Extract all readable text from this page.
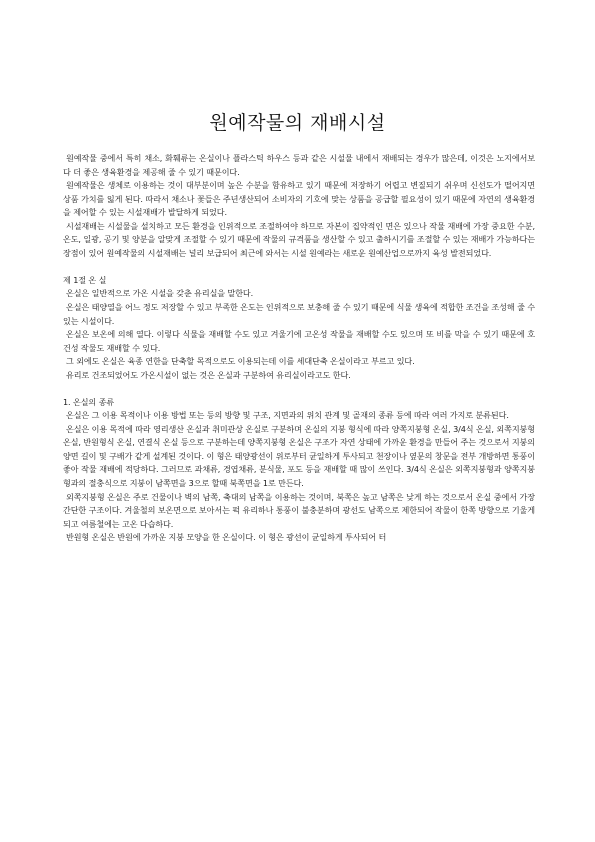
원예작물의 재배시설

원예작물 중에서 특히 채소, 화훼류는 온실이나 플라스틱 하우스 등과 같은 시설물 내에서 재배되는 경우가 많은데, 이것은 노지에서보다 더 좋은 생육환경을 제공해 줄 수 있기 때문이다.

원예작물은 생체로 이용하는 것이 대부분이며 높은 수분을 함유하고 있기 때문에 저장하기 어렵고 변질되기 쉬우며 신선도가 떨어지면 상품 가치를 잃게 된다. 따라서 채소나 꽃들은 주년생산되어 소비자의 기호에 맞는 상품을 공급할 필요성이 있기 때문에 자연의 생육환경을 제어할 수 있는 시설재배가 발달하게 되었다.

시설재배는 시설물을 설치하고 모든 환경을 인위적으로 조절하여야 하므로 자본이 집약적인 면은 있으나 작물 재배에 가장 중요한 수분, 온도, 일광, 공기 및 양분을 알맞게 조절할 수 있기 때문에 작물의 규격품을 생산할 수 있고 출하시기를 조절할 수 있는 재배가 가능하다는 장점이 있어 원예작물의 시설재배는 널리 보급되어 최근에 와서는 시설 원예라는 새로운 원예산업으로까지 육성 발전되었다.

제 1절 온 실

온실은 일반적으로 가온 시설을 갖춘 유리실을 말한다.

온실은 태양열을 어느 정도 저장할 수 있고 부족한 온도는 인위적으로 보충해 줄 수 있기 때문에 식물 생육에 적합한 조건을 조성해 줄 수 있는 시설이다.

온실은 보온에 의해 열다. 이렇다 식물을 재배할 수도 있고 겨울기에 고온성 작물을 재배할 수도 있으며 또 비를 막을 수 있기 때문에 호건성 작물도 재배할 수 있다.

그 외에도 온실은 육종 연한을 단축할 목적으로도 이용되는데 이를 세대단축 온실이라고 부르고 있다.

유리로 건조되었어도 가온시설이 없는 것은 온실과 구분하여 유리실이라고도 한다.

1. 온실의 종류

온실은 그 이용 목적이나 이용 방법 또는 등의 방향 및 구조, 지면과의 위치 관계 및 골재의 종류 등에 따라 여러 가지로 분류된다.

온실은 이용 목적에 따라 영리생산 온실과 취미관상 온실로 구분하며 온실의 지붕 형식에 따라 양쪽지붕형 온실, 3/4식 온실, 외쪽지붕형 온실, 반원형식 온실, 연결식 온실 등으로 구분하는데 양쪽지붕형 온실은 구조가 자연 상태에 가까운 환경을 만들어 주는 것으로서 지붕의 양면 길이 및 구배가 같게 설계된 것이다. 이 형은 태양광선이 위로부터 균일하게 투사되고 천장이나 옆문의 창문을 전부 개방하면 통풍이 좋아 작물 재배에 적당하다. 그러므로 과채류, 경엽채류, 분식물, 포도 등을 재배할 때 많이 쓰인다. 3/4식 온실은 외쪽지붕형과 양쪽지붕형과의 절충식으로 지붕이 남쪽면을 3으로 할때 북쪽면을 1로 만든다.

외쪽지붕형 온실은 주로 건물이나 벽의 남쪽, 축대의 남쪽을 이용하는 것이며, 북쪽은 높고 남쪽은 낮게 하는 것으로서 온실 중에서 가장 간단한 구조이다. 겨울철의 보온면으로 보아서는 퍽 유리하나 통풍이 불충분하며 광선도 남쪽으로 제한되어 작물이 한쪽 방향으로 기울게 되고 여름철에는 고온 다습하다.

반원형 온실은 반원에 가까운 지붕 모양을 한 온실이다. 이 형은 광선이 균일하게 투사되어 터
